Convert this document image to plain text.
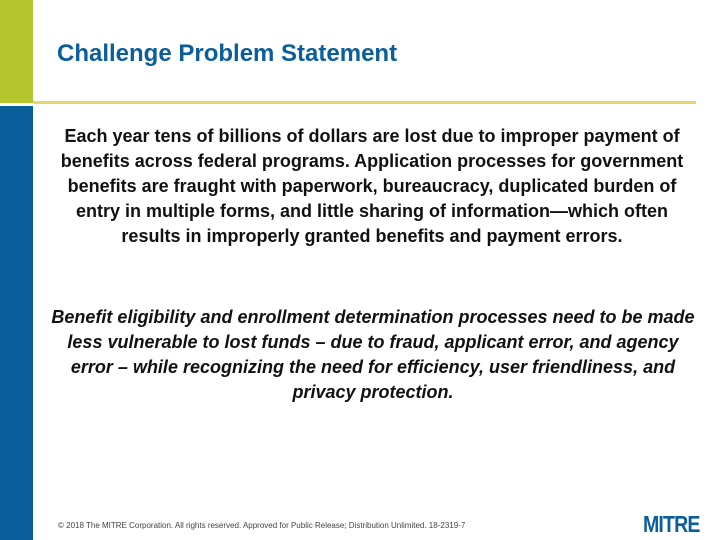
Challenge Problem Statement

Each year tens of billions of dollars are lost due to improper payment of benefits across federal programs. Application processes for government benefits are fraught with paperwork, bureaucracy, duplicated burden of entry in multiple forms, and little sharing of information—which often results in improperly granted benefits and payment errors.

Benefit eligibility and enrollment determination processes need to be made less vulnerable to lost funds – due to fraud, applicant error, and agency error – while recognizing the need for efficiency, user friendliness, and privacy protection.

© 2018 The MITRE Corporation. All rights reserved. Approved for Public Release; Distribution Unlimited. 18-2319-7	MITRE
